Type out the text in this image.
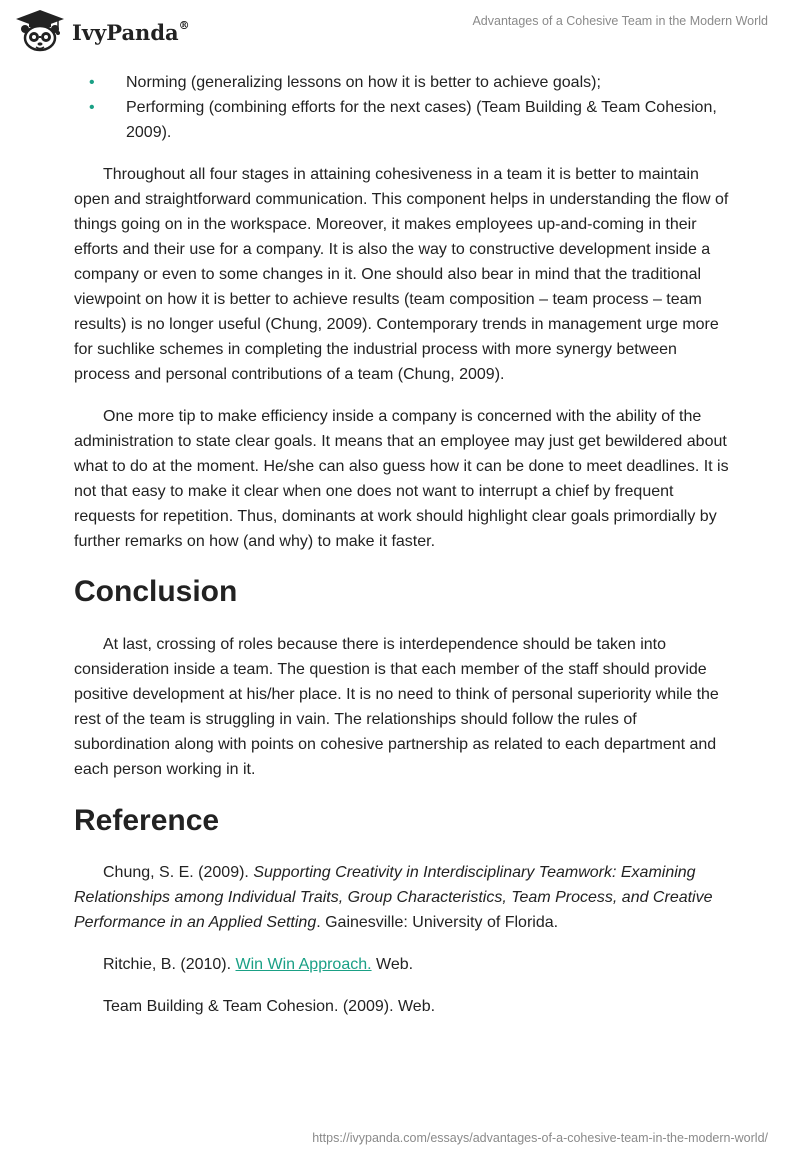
IvyPanda®	Advantages of a Cohesive Team in the Modern World
• Norming (generalizing lessons on how it is better to achieve goals);
• Performing (combining efforts for the next cases) (Team Building & Team Cohesion, 2009).

Throughout all four stages in attaining cohesiveness in a team it is better to maintain open and straightforward communication. This component helps in understanding the flow of things going on in the workspace. Moreover, it makes employees up-and-coming in their efforts and their use for a company. It is also the way to constructive development inside a company or even to some changes in it. One should also bear in mind that the traditional viewpoint on how it is better to achieve results (team composition – team process – team results) is no longer useful (Chung, 2009). Contemporary trends in management urge more for suchlike schemes in completing the industrial process with more synergy between process and personal contributions of a team (Chung, 2009).

One more tip to make efficiency inside a company is concerned with the ability of the administration to state clear goals. It means that an employee may just get bewildered about what to do at the moment. He/she can also guess how it can be done to meet deadlines. It is not that easy to make it clear when one does not want to interrupt a chief by frequent requests for repetition. Thus, dominants at work should highlight clear goals primordially by further remarks on how (and why) to make it faster.

Conclusion

At last, crossing of roles because there is interdependence should be taken into consideration inside a team. The question is that each member of the staff should provide positive development at his/her place. It is no need to think of personal superiority while the rest of the team is struggling in vain. The relationships should follow the rules of subordination along with points on cohesive partnership as related to each department and each person working in it.

Reference

Chung, S. E. (2009). Supporting Creativity in Interdisciplinary Teamwork: Examining Relationships among Individual Traits, Group Characteristics, Team Process, and Creative Performance in an Applied Setting. Gainesville: University of Florida.

Ritchie, B. (2010). Win Win Approach. Web.

Team Building & Team Cohesion. (2009). Web.

https://ivypanda.com/essays/advantages-of-a-cohesive-team-in-the-modern-world/
